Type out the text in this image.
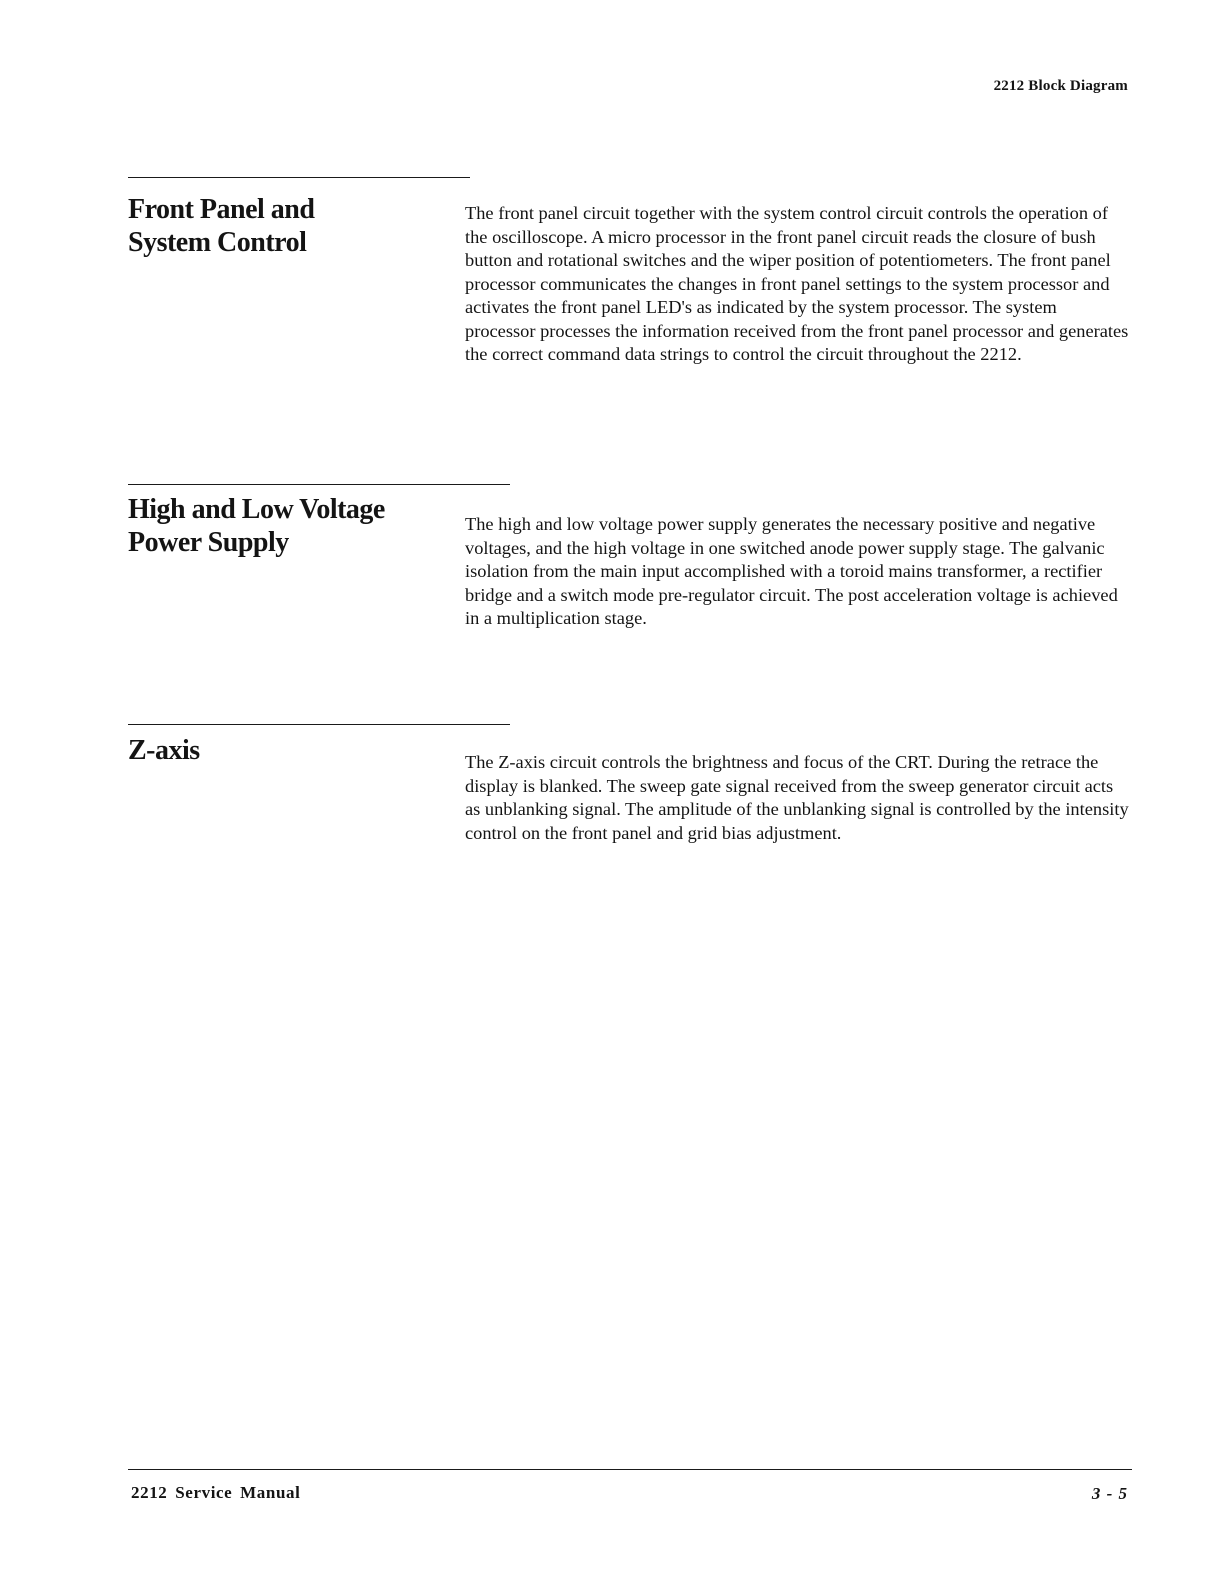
2212 Block Diagram
Front Panel and
System Control

The front panel circuit together with the system control circuit controls the operation of the oscilloscope. A micro processor in the front panel circuit reads the closure of bush button and rotational switches and the wiper position of potentiometers. The front panel processor communicates the changes in front panel settings to the system processor and activates the front panel LED's as indicated by the system processor. The system processor processes the information received from the front panel processor and generates the correct command data strings to control the circuit throughout the 2212.

High and Low Voltage
Power Supply

The high and low voltage power supply generates the necessary positive and negative voltages, and the high voltage in one switched anode power supply stage. The galvanic isolation from the main input accomplished with a toroid mains transformer, a rectifier bridge and a switch mode pre-regulator circuit. The post acceleration voltage is achieved in a multiplication stage.

Z-axis	The Z-axis circuit controls the brightness and focus of the CRT. During the retrace the display is blanked. The sweep gate signal received from the sweep generator circuit acts as unblanking signal. The amplitude of the unblanking signal is controlled by the intensity control on the front panel and grid bias adjustment.

2212 Service Manual	3 - 5
